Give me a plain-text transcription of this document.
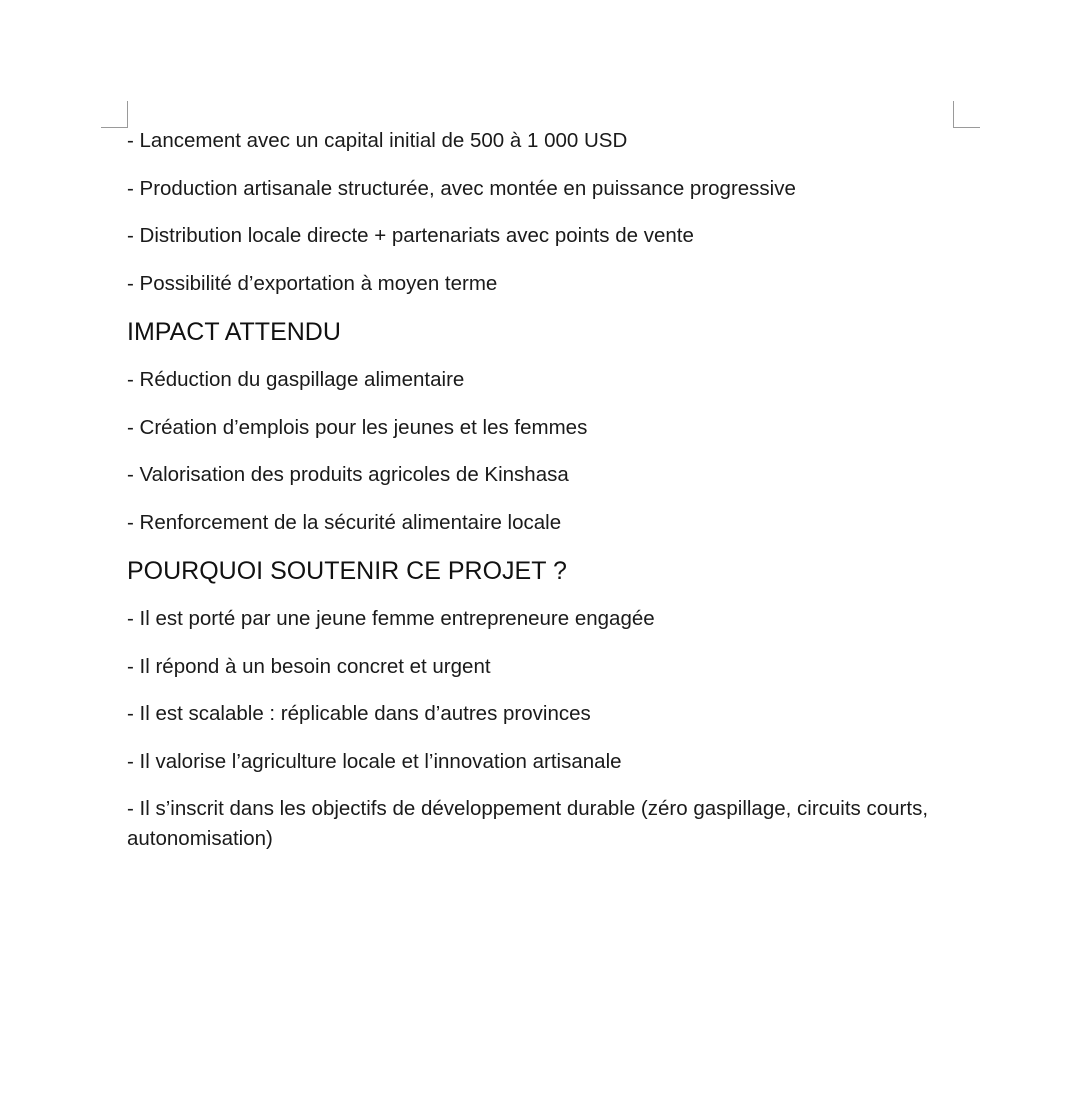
- Lancement avec un capital initial de 500 à 1 000 USD

- Production artisanale structurée, avec montée en puissance progressive

- Distribution locale directe + partenariats avec points de vente

- Possibilité d’exportation à moyen terme

IMPACT ATTENDU

- Réduction du gaspillage alimentaire

- Création d’emplois pour les jeunes et les femmes

- Valorisation des produits agricoles de Kinshasa

- Renforcement de la sécurité alimentaire locale

POURQUOI SOUTENIR CE PROJET ?

- Il est porté par une jeune femme entrepreneure engagée

- Il répond à un besoin concret et urgent

- Il est scalable : réplicable dans d’autres provinces

- Il valorise l’agriculture locale et l’innovation artisanale

- Il s’inscrit dans les objectifs de développement durable (zéro gaspillage, circuits courts, autonomisation)
